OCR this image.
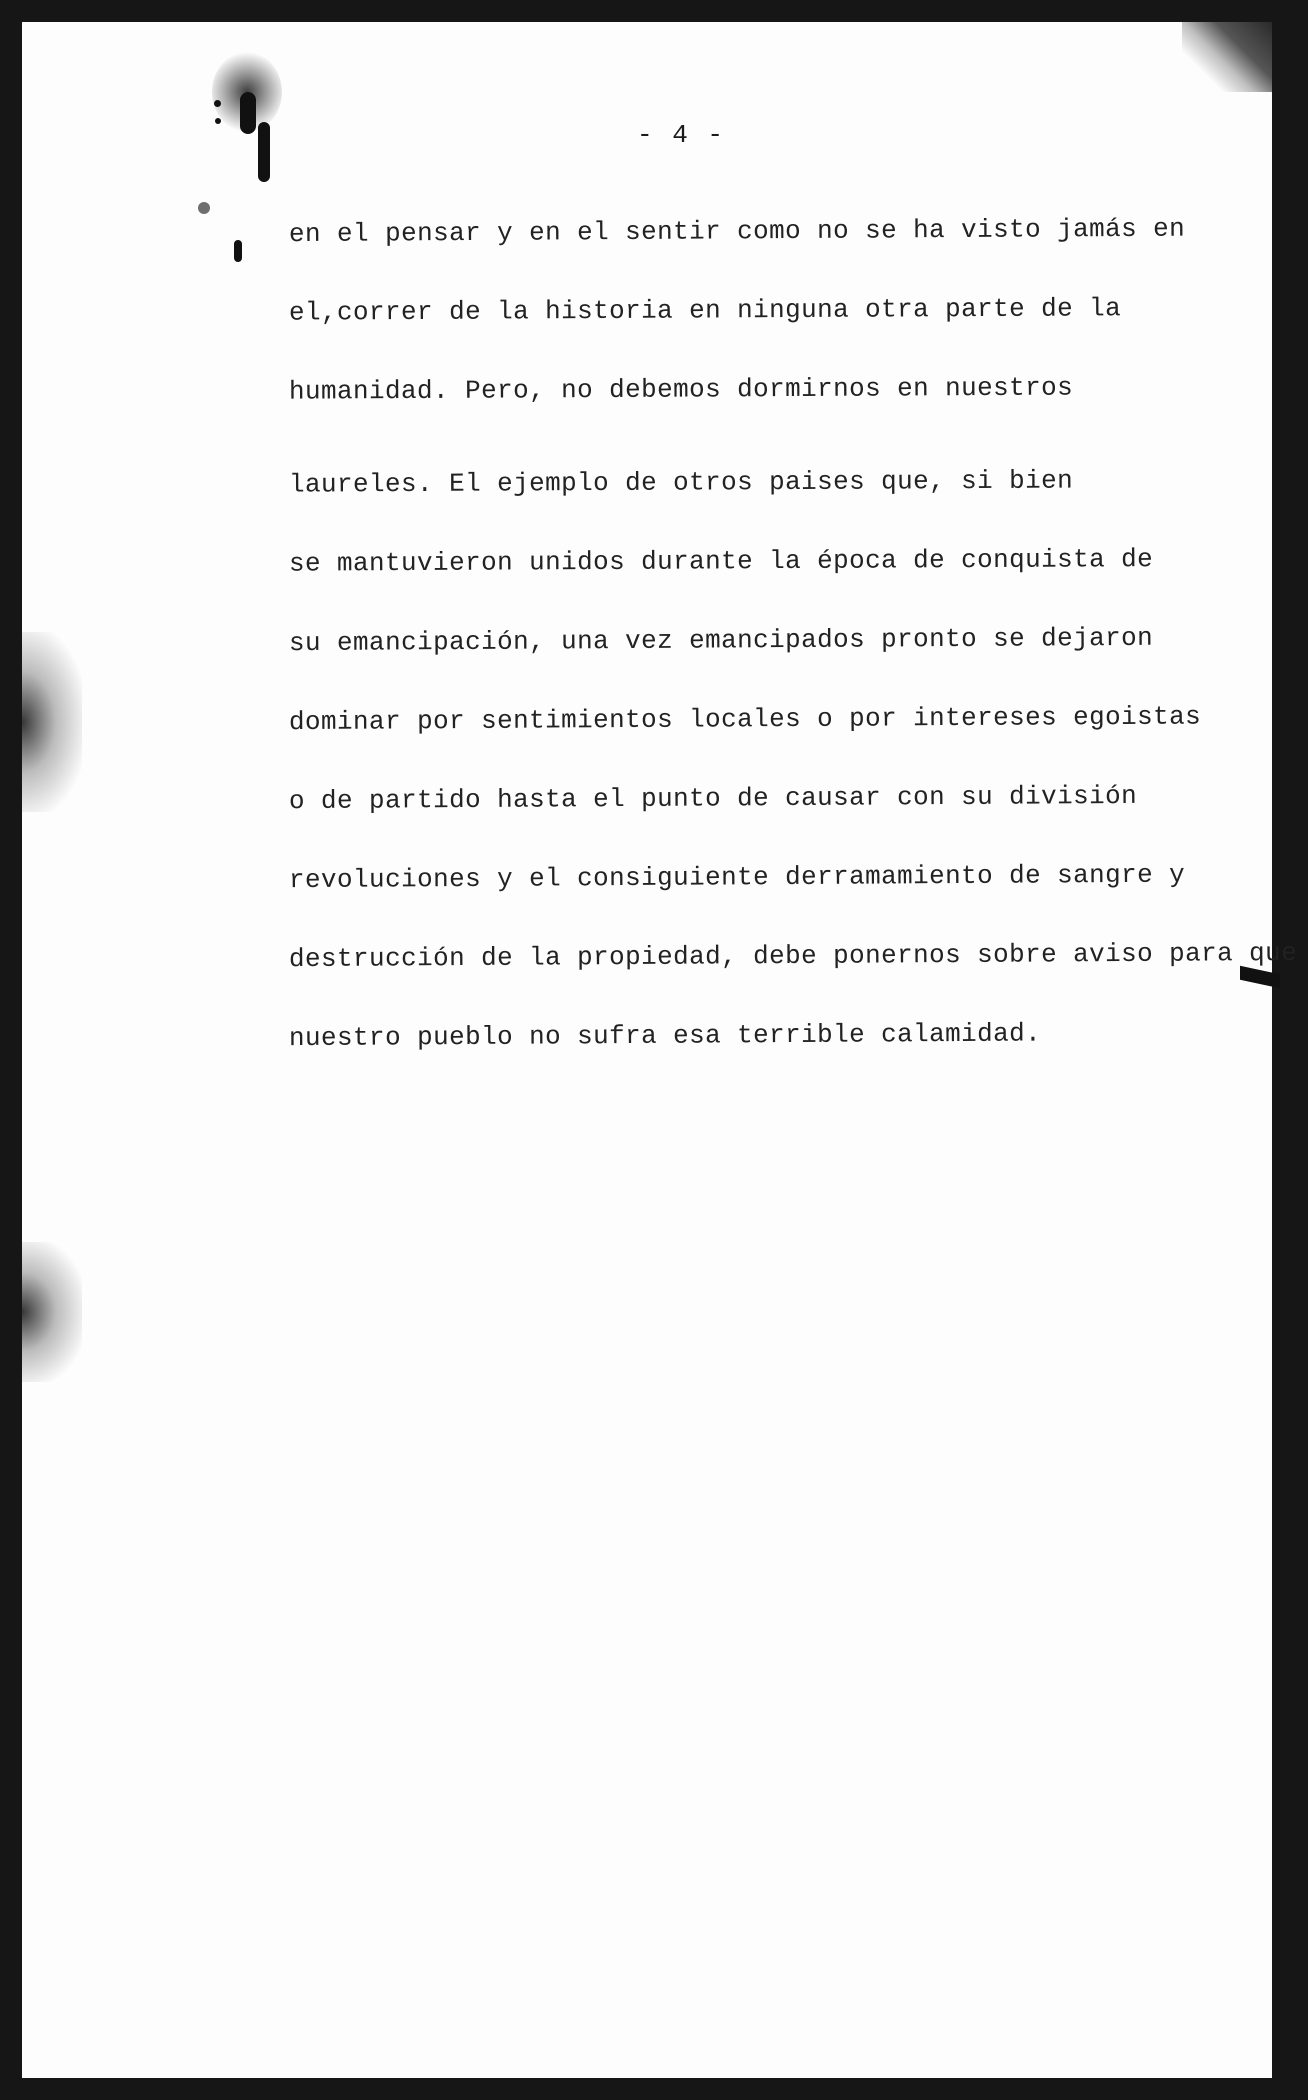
- 4 -
en el pensar y en el sentir como no se ha visto jamás en
el,correr de la historia en ninguna otra parte de la
humanidad. Pero, no debemos dormirnos en nuestros
laureles. El ejemplo de otros paises que, si bien
se mantuvieron unidos durante la época de conquista de
su emancipación, una vez emancipados pronto se dejaron
dominar por sentimientos locales o por intereses egoistas
o de partido hasta el punto de causar con su división
revoluciones y el consiguiente derramamiento de sangre y
destrucción de la propiedad, debe ponernos sobre aviso para que
nuestro pueblo no sufra esa terrible calamidad.
